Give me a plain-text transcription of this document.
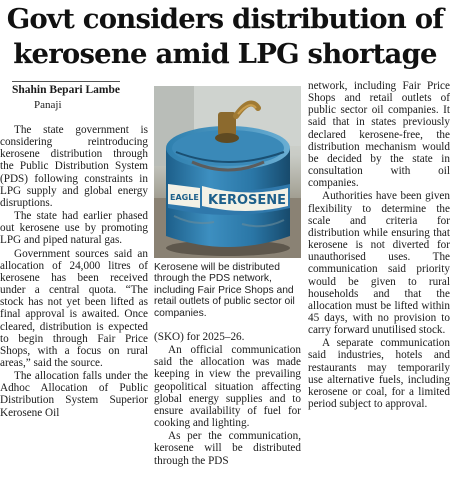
Govt considers distribution of
kerosene amid LPG shortage
Shahin Bepari Lambe
Panaji

The state government is considering reintroducing kerosene distribution through the Public Distribution System (PDS) following constraints in LPG supply and global energy disruptions.

The state had earlier phased out kerosene use by promoting LPG and piped natural gas.

Government sources said an allocation of 24,000 litres of kerosene has been received under a central quota. “The stock has not yet been lifted as final approval is awaited. Once cleared, distribution is expected to begin through Fair Price Shops, with a focus on rural areas,” said the source.

The allocation falls under the Adhoc Allocation of Public Distribution System Superior Kerosene Oil

KEROSENE
EAGLE
Kerosene will be distributed through the PDS network, including Fair Price Shops and retail outlets of public sector oil companies.

(SKO) for 2025–26.

An official communication said the allocation was made keeping in view the prevailing geopolitical situation affecting global energy supplies and to ensure availability of fuel for cooking and lighting.

As per the communication, kerosene will be distributed through the PDS

network, including Fair Price Shops and retail outlets of public sector oil companies. It said that in states previously declared kerosene-free, the distribution mechanism would be decided by the state in consultation with oil companies.

Authorities have been given flexibility to determine the scale and criteria for distribution while ensuring that kerosene is not diverted for unauthorised uses. The communication said priority would be given to rural households and that the allocation must be lifted within 45 days, with no provision to carry forward unutilised stock.

A separate communication said industries, hotels and restaurants may temporarily use alternative fuels, including kerosene or coal, for a limited period subject to approval.
